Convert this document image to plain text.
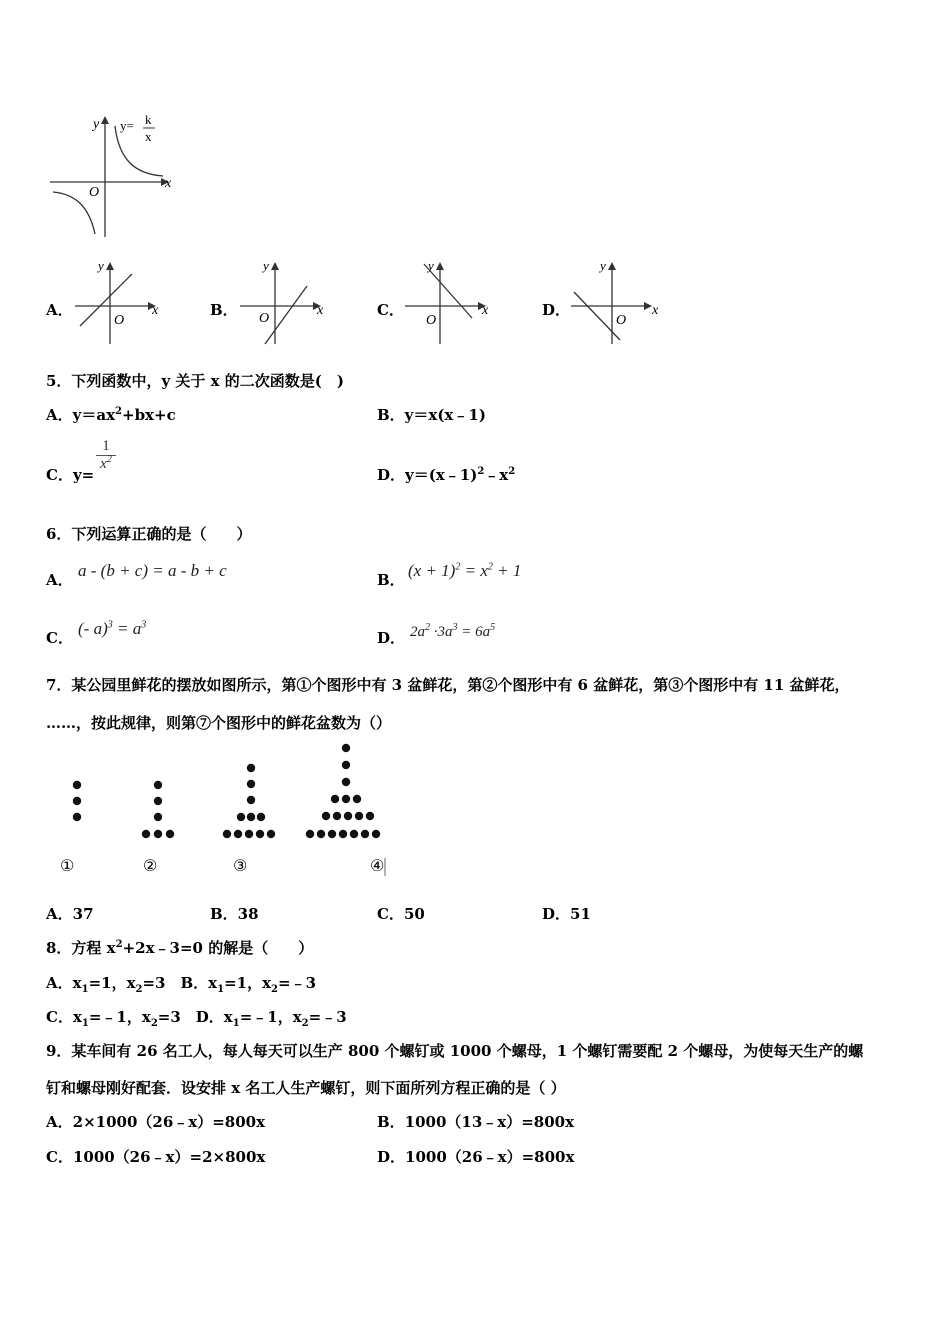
y y= k
x
x
O
A．
y
x
O
B．
y
x
O	C．
y
x
O
D．
y
x
O
5．下列函数中，y 关于 x 的二次函数是(　)
A．$y=ax^2+bx+c$	B．y＝x(x﹣1)
C．y=
1
$x^2$
D．$y=(x﹣1)^2﹣x^2$
6．下列运算正确的是（　　）
A． a - (b + c) = a - b + c	B． $(x + 1)^2 = x^2 + 1$
C． (- $a)^3 = a^3$
D． $2a^2 \cdot 3a^3 = 6a^5$
7．某公园里鲜花的摆放如图所示，第①个图形中有 3 盆鲜花，第②个图形中有 6 盆鲜花，第③个图形中有 11 盆鲜花，
……，按此规律，则第⑦个图形中的鲜花盆数为（）
①	②	③	④
A．37	B．38	C．50	D．51
8．方程 $x^2+2x﹣3=0$ 的解是（　　）
A．$x_1=1$，$x_2=3$　B．$x_1=1$，$x_2=﹣3$
C．$x_1=﹣1$，$x_2=3$　D．$x_1=﹣1$，$x_2=﹣3$
9．某车间有 26 名工人，每人每天可以生产 800 个螺钉或 1000 个螺母，1 个螺钉需要配 2 个螺母，为使每天生产的螺
钉和螺母刚好配套．设安排 x 名工人生产螺钉，则下面所列方程正确的是（ ）
A．2×1000（26﹣x）=800x	B．1000（13﹣x）=800x
C．1000（26﹣x）=2×800x	D．1000（26﹣x）=800x
